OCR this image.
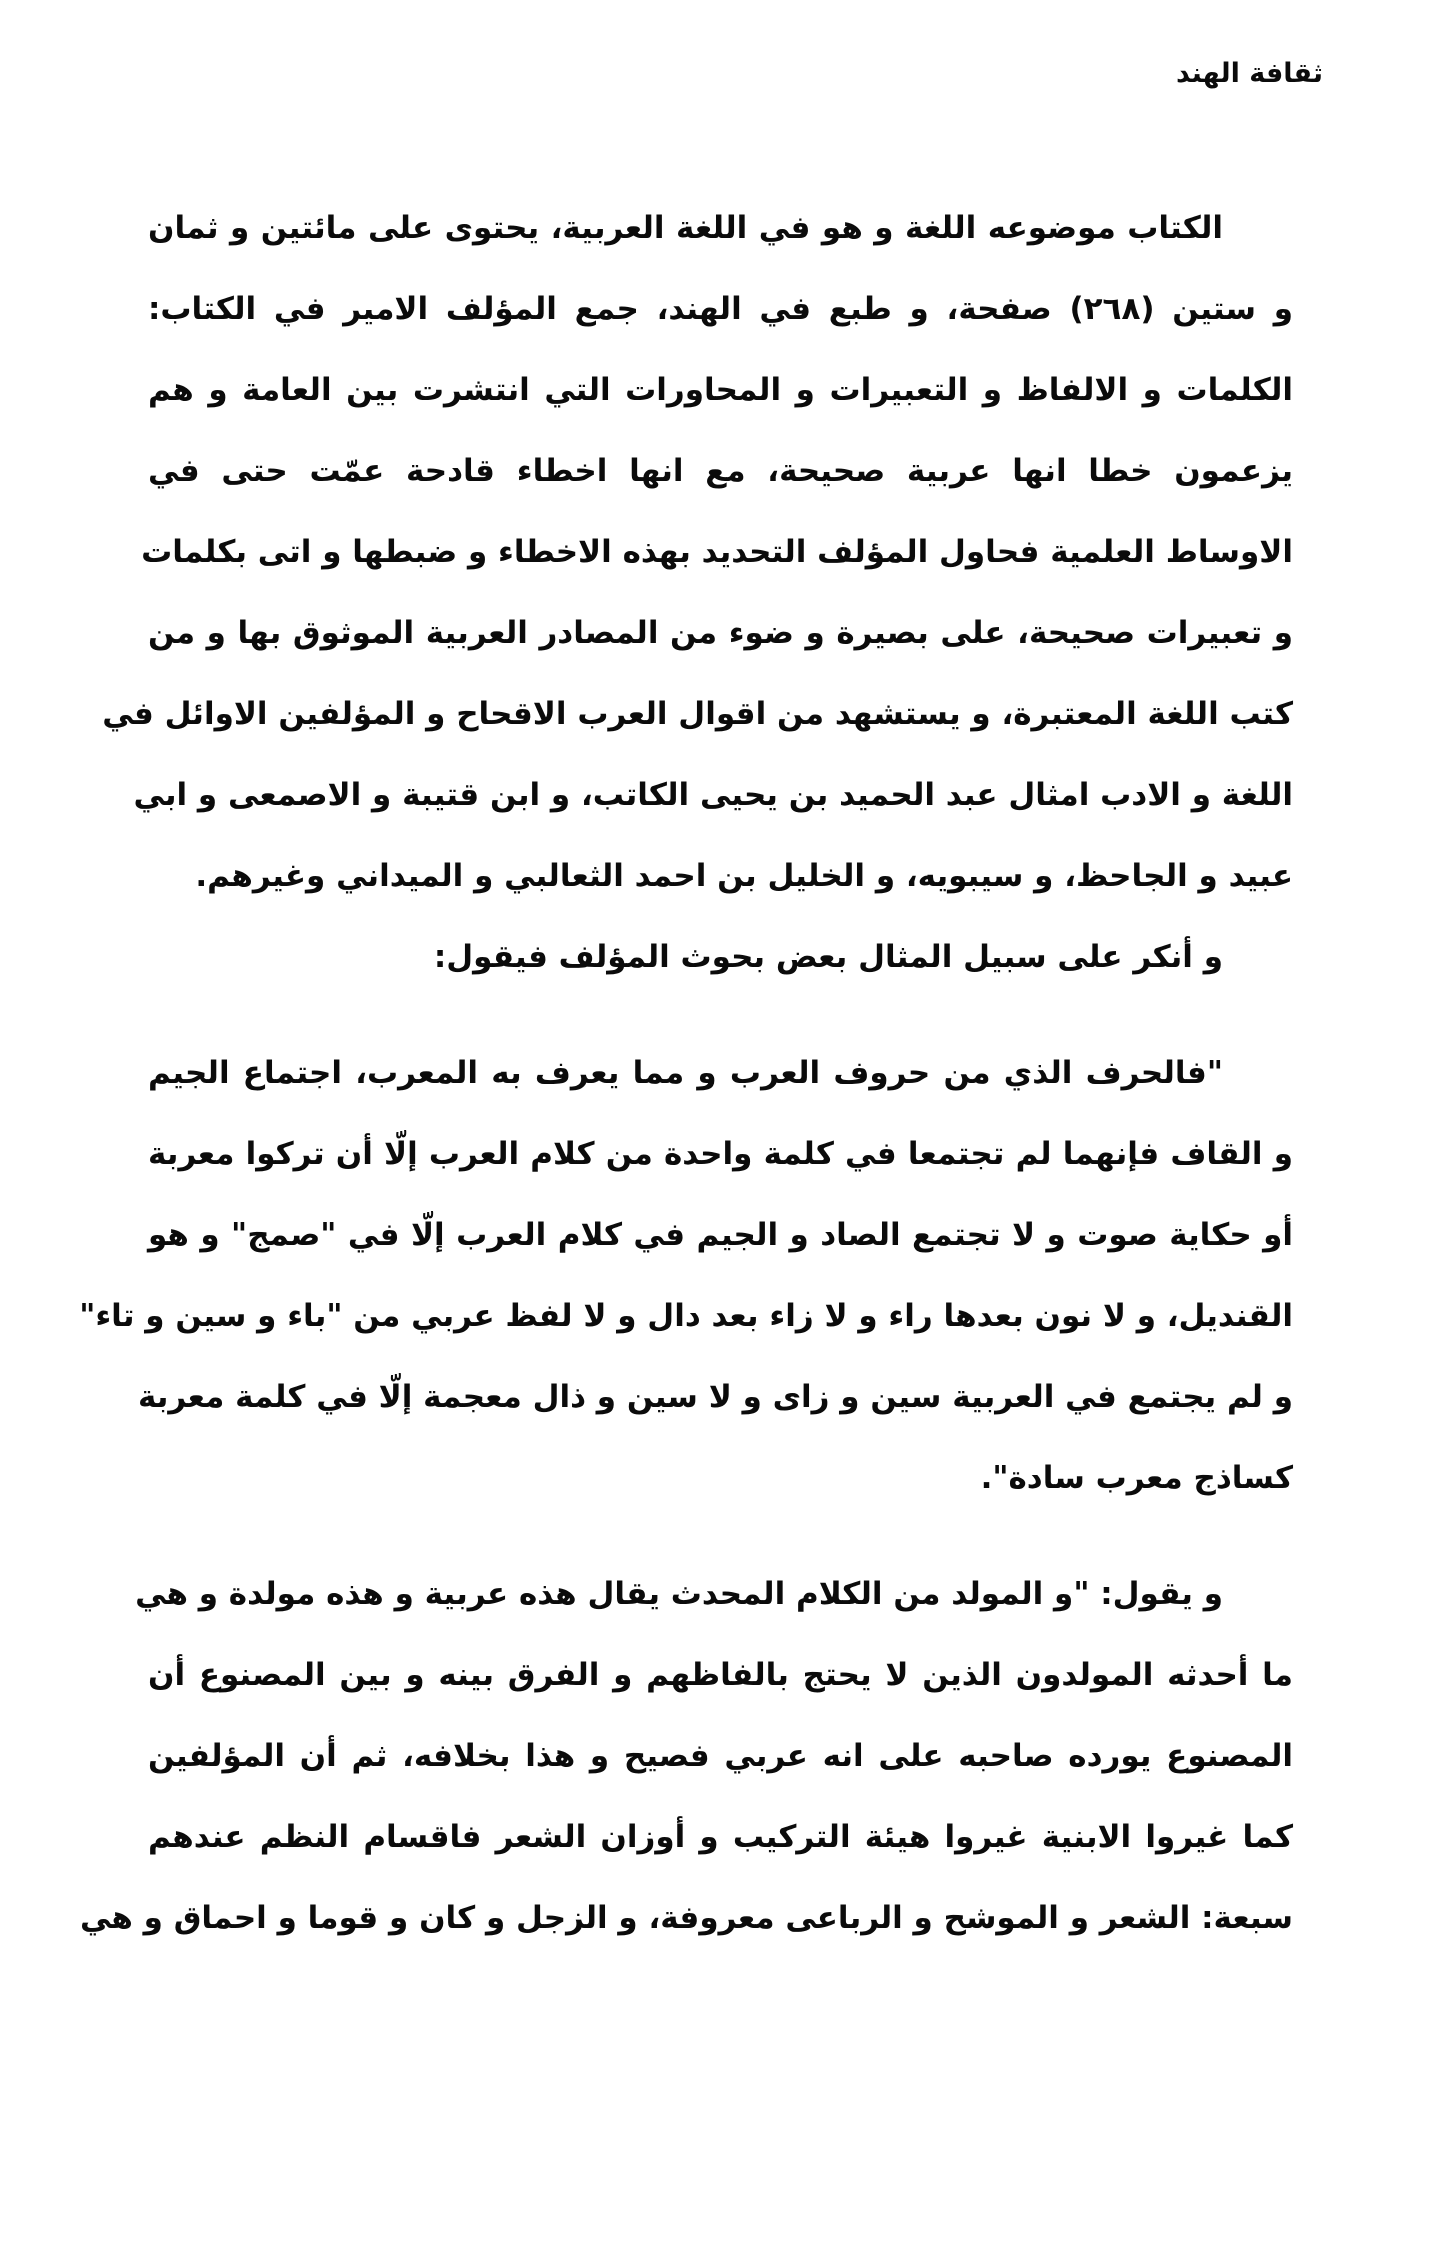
ثقافة الهند
الكتاب موضوعه اللغة و هو في اللغة العربية، يحتوى على مائتين و ثمان
و ستين (٢٦٨) صفحة، و طبع في الهند، جمع المؤلف الامير في الكتاب:
الكلمات و الالفاظ و التعبيرات و المحاورات التي انتشرت بين العامة و هم
يزعمون خطا انها عربية صحيحة، مع انها اخطاء قادحة عمّت حتى في
الاوساط العلمية فحاول المؤلف التحديد بهذه الاخطاء و ضبطها و اتى بكلمات
و تعبيرات صحيحة، على بصيرة و ضوء من المصادر العربية الموثوق بها و من
كتب اللغة المعتبرة، و يستشهد من اقوال العرب الاقحاح و المؤلفين الاوائل في
اللغة و الادب امثال عبد الحميد بن يحيى الكاتب، و ابن قتيبة و الاصمعى و ابي
عبيد و الجاحظ، و سيبويه، و الخليل بن احمد الثعالبي و الميداني وغيرهم.
و أنكر على سبيل المثال بعض بحوث المؤلف فيقول:
"فالحرف الذي من حروف العرب و مما يعرف به المعرب، اجتماع الجيم
و القاف فإنهما لم تجتمعا في كلمة واحدة من كلام العرب إلّا أن تركوا معربة
أو حكاية صوت و لا تجتمع الصاد و الجيم في كلام العرب إلّا في "صمج" و هو
القنديل، و لا نون بعدها راء و لا زاء بعد دال و لا لفظ عربي من "باء و سين و تاء"
و لم يجتمع في العربية سين و زاى و لا سين و ذال معجمة إلّا في كلمة معربة
كساذج معرب سادة".
و يقول: "و المولد من الكلام المحدث يقال هذه عربية و هذه مولدة و هي
ما أحدثه المولدون الذين لا يحتج بالفاظهم و الفرق بينه و بين المصنوع أن
المصنوع يورده صاحبه على انه عربي فصيح و هذا بخلافه، ثم أن المؤلفين
كما غيروا الابنية غيروا هيئة التركيب و أوزان الشعر فاقسام النظم عندهم
سبعة: الشعر و الموشح و الرباعى معروفة، و الزجل و كان و قوما و احماق و هي
